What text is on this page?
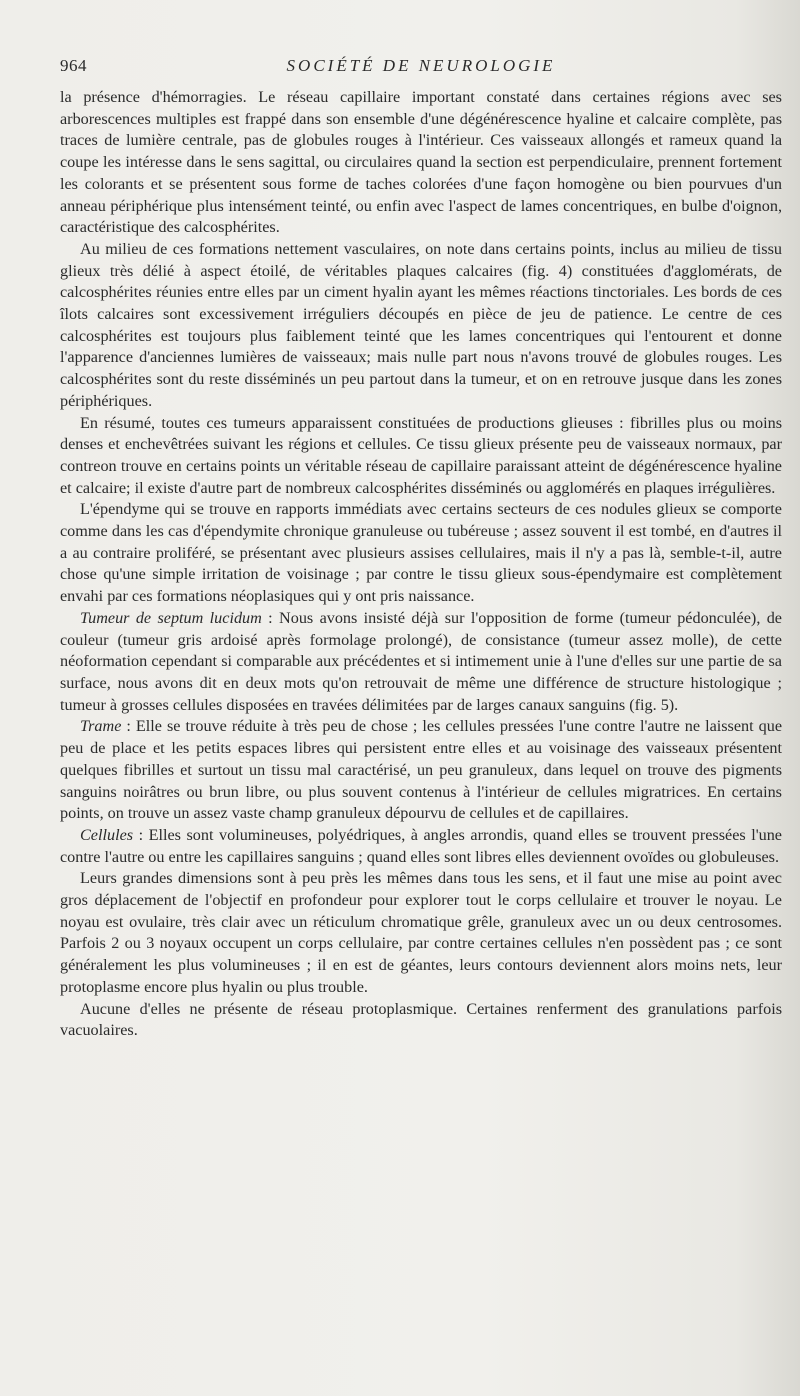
964	SOCIÉTÉ DE NEUROLOGIE

la présence d'hémorragies. Le réseau capillaire important constaté dans certaines régions avec ses arborescences multiples est frappé dans son ensemble d'une dégénérescence hyaline et calcaire complète, pas traces de lumière centrale, pas de globules rouges à l'intérieur. Ces vaisseaux allongés et rameux quand la coupe les intéresse dans le sens sagittal, ou circulaires quand la section est perpendiculaire, prennent fortement les colorants et se présentent sous forme de taches colorées d'une façon homogène ou bien pourvues d'un anneau périphérique plus intensément teinté, ou enfin avec l'aspect de lames concentriques, en bulbe d'oignon, caractéristique des calcosphérites.

Au milieu de ces formations nettement vasculaires, on note dans certains points, inclus au milieu de tissu glieux très délié à aspect étoilé, de véritables plaques calcaires (fig. 4) constituées d'agglomérats, de calcosphérites réunies entre elles par un ciment hyalin ayant les mêmes réactions tinctoriales. Les bords de ces îlots calcaires sont excessivement irréguliers découpés en pièce de jeu de patience. Le centre de ces calcosphérites est toujours plus faiblement teinté que les lames concentriques qui l'entourent et donne l'apparence d'anciennes lumières de vaisseaux; mais nulle part nous n'avons trouvé de globules rouges. Les calcosphérites sont du reste disséminés un peu partout dans la tumeur, et on en retrouve jusque dans les zones périphériques.

En résumé, toutes ces tumeurs apparaissent constituées de productions glieuses : fibrilles plus ou moins denses et enchevêtrées suivant les régions et cellules. Ce tissu glieux présente peu de vaisseaux normaux, par contreon trouve en certains points un véritable réseau de capillaire paraissant atteint de dégénérescence hyaline et calcaire; il existe d'autre part de nombreux calcosphérites disséminés ou agglomérés en plaques irrégulières.

L'épendyme qui se trouve en rapports immédiats avec certains secteurs de ces nodules glieux se comporte comme dans les cas d'épendymite chronique granuleuse ou tubéreuse ; assez souvent il est tombé, en d'autres il a au contraire proliféré, se présentant avec plusieurs assises cellulaires, mais il n'y a pas là, semble-t-il, autre chose qu'une simple irritation de voisinage ; par contre le tissu glieux sous-épendymaire est complètement envahi par ces formations néoplasiques qui y ont pris naissance.

Tumeur de septum lucidum : Nous avons insisté déjà sur l'opposition de forme (tumeur pédonculée), de couleur (tumeur gris ardoisé après formolage prolongé), de consistance (tumeur assez molle), de cette néoformation cependant si comparable aux précédentes et si intimement unie à l'une d'elles sur une partie de sa surface, nous avons dit en deux mots qu'on retrouvait de même une différence de structure histologique ; tumeur à grosses cellules disposées en travées délimitées par de larges canaux sanguins (fig. 5).

Trame : Elle se trouve réduite à très peu de chose ; les cellules pressées l'une contre l'autre ne laissent que peu de place et les petits espaces libres qui persistent entre elles et au voisinage des vaisseaux présentent quelques fibrilles et surtout un tissu mal caractérisé, un peu granuleux, dans lequel on trouve des pigments sanguins noirâtres ou brun libre, ou plus souvent contenus à l'intérieur de cellules migratrices. En certains points, on trouve un assez vaste champ granuleux dépourvu de cellules et de capillaires.

Cellules : Elles sont volumineuses, polyédriques, à angles arrondis, quand elles se trouvent pressées l'une contre l'autre ou entre les capillaires sanguins ; quand elles sont libres elles deviennent ovoïdes ou globuleuses.

Leurs grandes dimensions sont à peu près les mêmes dans tous les sens, et il faut une mise au point avec gros déplacement de l'objectif en profondeur pour explorer tout le corps cellulaire et trouver le noyau. Le noyau est ovulaire, très clair avec un réticulum chromatique grêle, granuleux avec un ou deux centrosomes. Parfois 2 ou 3 noyaux occupent un corps cellulaire, par contre certaines cellules n'en possèdent pas ; ce sont généralement les plus volumineuses ; il en est de géantes, leurs contours deviennent alors moins nets, leur protoplasme encore plus hyalin ou plus trouble.

Aucune d'elles ne présente de réseau protoplasmique. Certaines renferment des granulations parfois vacuolaires.
